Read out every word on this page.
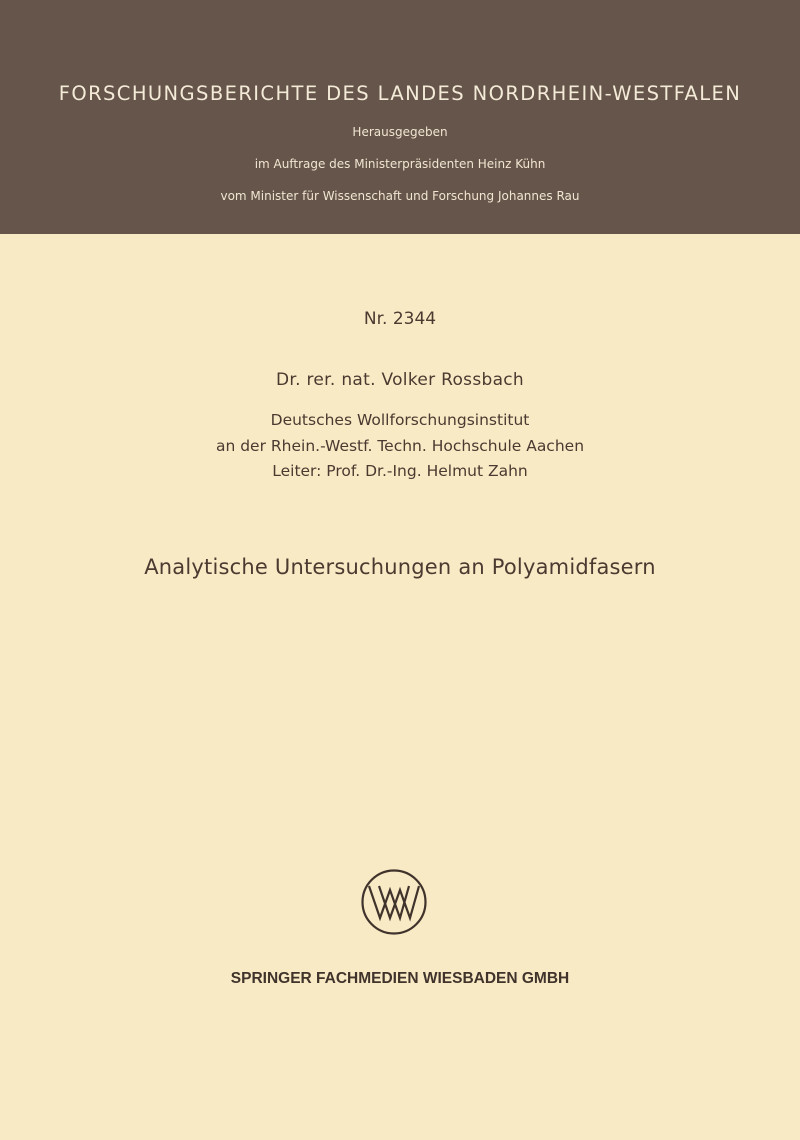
FORSCHUNGSBERICHTE DES LANDES NORDRHEIN-WESTFALEN
Herausgegeben
im Auftrage des Ministerpräsidenten Heinz Kühn
vom Minister für Wissenschaft und Forschung Johannes Rau
Nr. 2344
Dr. rer. nat. Volker Rossbach
Deutsches Wollforschungsinstitut
an der Rhein.-Westf. Techn. Hochschule Aachen
Leiter: Prof. Dr.-Ing. Helmut Zahn
Analytische Untersuchungen an Polyamidfasern
SPRINGER FACHMEDIEN WIESBADEN GMBH
